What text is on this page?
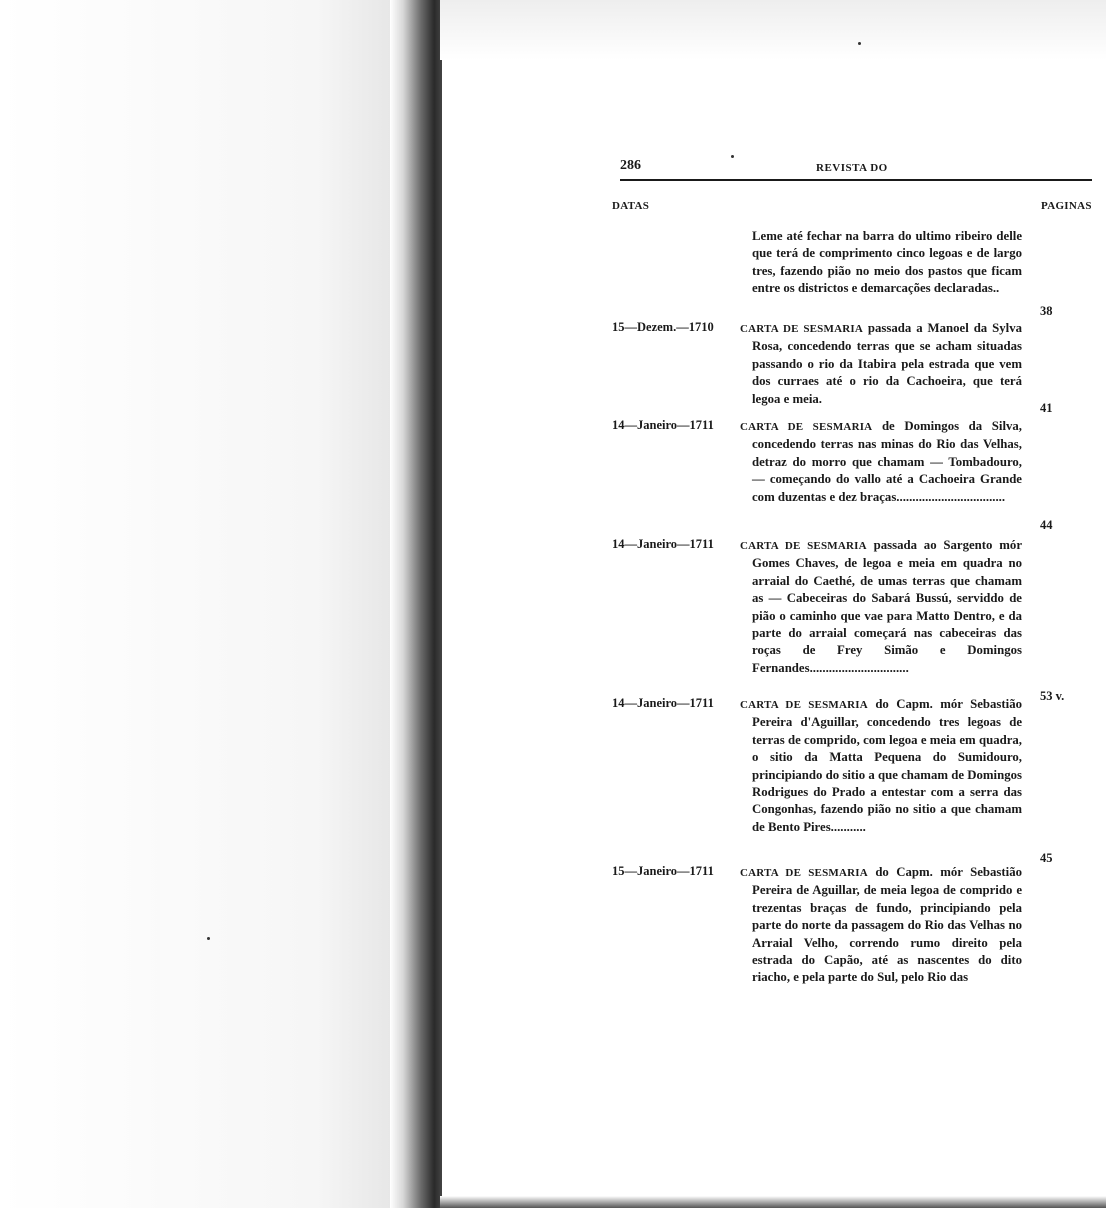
286	REVISTA DO
DATAS	PAGINAS
Leme até fechar na barra do ultimo ribeiro delle que terá de comprimento cinco legoas e de largo tres, fazendo pião no meio dos pastos que ficam entre os districtos e demarcações declaradas..
38
15—Dezem.—1710 CARTA DE SESMARIA passada a Manoel da Sylva Rosa, concedendo terras que se acham situadas passando o rio da Itabira pela estrada que vem dos curraes até o rio da Cachoeira, que terá legoa e meia.
41
14—Janeiro—1711 CARTA DE SESMARIA de Domingos da Silva, concedendo terras nas minas do Rio das Velhas, detraz do morro que chamam — Tombadouro, — começando do vallo até a Cachoeira Grande com duzentas e dez braças..................................
44
14—Janeiro—1711 CARTA DE SESMARIA passada ao Sargento mór Gomes Chaves, de legoa e meia em quadra no arraial do Caethé, de umas terras que chamam as — Cabeceiras do Sabará Bussú, serviddo de pião o caminho que vae para Matto Dentro, e da parte do arraial começará nas cabeceiras das roças de Frey Simão e Domingos Fernandes...............................
53 v.
14—Janeiro—1711 CARTA DE SESMARIA do Capm. mór Sebastião Pereira d'Aguillar, concedendo tres legoas de terras de comprido, com legoa e meia em quadra, o sitio da Matta Pequena do Sumidouro, principiando do sitio a que chamam de Domingos Rodrigues do Prado a entestar com a serra das Congonhas, fazendo pião no sitio a que chamam de Bento Pires...........
45
15—Janeiro—1711 CARTA DE SESMARIA do Capm. mór Sebastião Pereira de Aguillar, de meia legoa de comprido e trezentas braças de fundo, principiando pela parte do norte da passagem do Rio das Velhas no Arraial Velho, correndo rumo direito pela estrada do Capão, até as nascentes do dito riacho, e pela parte do Sul, pelo Rio das
